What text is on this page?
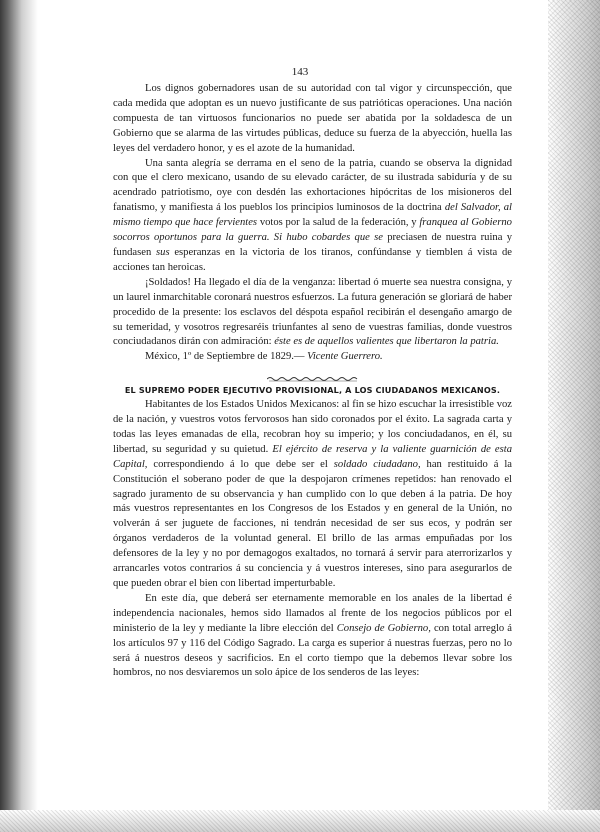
143

Los dignos gobernadores usan de su autoridad con tal vigor y circunspección, que cada medida que adoptan es un nuevo justificante de sus patrióticas operaciones. Una nación compuesta de tan virtuosos funcionarios no puede ser abatida por la soldadesca de un Gobierno que se alarma de las virtudes públicas, deduce su fuerza de la abyección, huella las leyes del verdadero honor, y es el azote de la humanidad.

Una santa alegría se derrama en el seno de la patria, cuando se observa la dignidad con que el clero mexicano, usando de su elevado carácter, de su ilustrada sabiduría y de su acendrado patriotismo, oye con desdén las exhortaciones hipócritas de los misioneros del fanatismo, y manifiesta á los pueblos los principios luminosos de la doctrina del Salvador, al mismo tiempo que hace fervientes votos por la salud de la federación, y franquea al Gobierno socorros oportunos para la guerra. Si hubo cobardes que se preciasen de nuestra ruina y fundasen sus esperanzas en la victoria de los tiranos, confúndanse y tiemblen á vista de acciones tan heroicas.

¡Soldados! Ha llegado el día de la venganza: libertad ó muerte sea nuestra consigna, y un laurel inmarchitable coronará nuestros esfuerzos. La futura generación se gloriará de haber procedido de la presente: los esclavos del déspota español recibirán el desengaño amargo de su temeridad, y vosotros regresaréis triunfantes al seno de vuestras familias, donde vuestros conciudadanos dirán con admiración: éste es de aquellos valientes que libertaron la patria.

México, 1º de Septiembre de 1829.— Vicente Guerrero.

EL SUPREMO PODER EJECUTIVO PROVISIONAL, A LOS CIUDADANOS MEXICANOS.

Habitantes de los Estados Unidos Mexicanos: al fin se hizo escuchar la irresistible voz de la nación, y vuestros votos fervorosos han sido coronados por el éxito. La sagrada carta y todas las leyes emanadas de ella, recobran hoy su imperio; y los conciudadanos, en él, su libertad, su seguridad y su quietud. El ejército de reserva y la valiente guarnición de esta Capital, correspondiendo á lo que debe ser el soldado ciudadano, han restituido á la Constitución el soberano poder de que la despojaron crímenes repetidos: han renovado el sagrado juramento de su observancia y han cumplido con lo que deben á la patria. De hoy más vuestros representantes en los Congresos de los Estados y en general de la Unión, no volverán á ser juguete de facciones, ni tendrán necesidad de ser sus ecos, y podrán ser órganos verdaderos de la voluntad general. El brillo de las armas empuñadas por los defensores de la ley y no por demagogos exaltados, no tornará á servir para aterrorizarlos y arrancarles votos contrarios á su conciencia y á vuestros intereses, sino para asegurarlos de que pueden obrar el bien con libertad imperturbable.

En este día, que deberá ser eternamente memorable en los anales de la libertad é independencia nacionales, hemos sido llamados al frente de los negocios públicos por el ministerio de la ley y mediante la libre elección del Consejo de Gobierno, con total arreglo á los artículos 97 y 116 del Código Sagrado. La carga es superior á nuestras fuerzas, pero no lo será á nuestros deseos y sacrificios. En el corto tiempo que la debemos llevar sobre los hombros, no nos desviaremos un solo ápice de los senderos de las leyes:
